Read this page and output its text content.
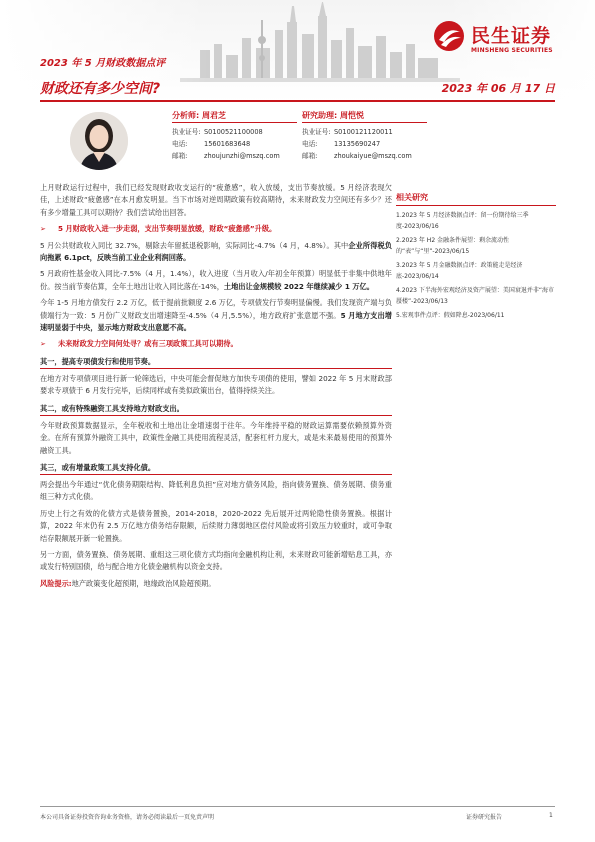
民生证券
MINSHENG SECURITIES
2023 年 5 月财政数据点评
财政还有多少空间?	2023 年 06 月 17 日
分析师: 周君芝
执业证号: S0100521100008
电话:	15601683648
邮箱:	zhoujunzhi@mszq.com
研究助理: 周恺悦
执业证号: S0100121120011
电话:	13135690247
邮箱:	zhoukaiyue@mszq.com

上月财政运行过程中，我们已经发现财政收支运行的“疲惫感”，收入放缓，支出节奏放缓。5 月经济表现欠佳，上述财政“疲惫感”在本月愈发明显。当下市场对逆周期政策有较高期待，未来财政发力空间还有多少？还有多少增量工具可以期待？我们尝试给出回答。

➢	5 月财政收入进一步走弱，支出节奏明显放缓，财政“疲惫感”升级。

5 月公共财政收入同比 32.7%，剔除去年留抵退税影响，实际同比-4.7%（4 月，4.8%）。其中企业所得税负向拖累 6.1pct，反映当前工业企业利润回落。

5 月政府性基金收入同比-7.5%（4 月，1.4%），收入进度（当月收入/年初全年预算）明显低于非集中供地年份。按当前节奏估算，全年土地出让收入同比落在-14%，土地出让金规模较 2022 年继续减少 1 万亿。

今年 1-5 月地方债发行 2.2 万亿，低于提前批额度 2.6 万亿，专项债发行节奏明显偏慢。我们发现资产端与负债端行为一致：5 月份广义财政支出增速降至-4.5%（4 月,5.5%），地方政府扩张意愿不强。5 月地方支出增速明显弱于中央，显示地方财政支出意愿不高。

➢	未来财政发力空间何处寻？或有三项政策工具可以期待。
其一，提高专项债发行和使用节奏。

在地方对专项债项目进行新一轮筛选后，中央可能会督促地方加快专项债的使用，譬如 2022 年 5 月末财政部要求专项债于 6 月发行完毕，后续同样或有类似政策出台，值得持续关注。

其二，或有特殊融资工具支持地方财政支出。

今年财政预算数据显示，全年税收和土地出让金增速弱于往年。今年维持平稳的财政运算需要依赖预算外资金。在所有预算外融资工具中，政策性金融工具使用流程灵活，配套杠杆力度大，或是未来最易使用的预算外融资工具。

其三，或有增量政策工具支持化债。

两会提出今年通过“优化债务期限结构、降低利息负担”应对地方债务风险，指向债务置换、债务展期、债务重组三种方式化债。

历史上行之有效的化债方式是债务置换，2014-2018，2020-2022 先后展开过两轮隐性债务置换。根据计算，2022 年末仍有 2.5 万亿地方债务结存限额，后续财力薄弱地区偿付风险或将引致压力较重时，或可争取结存限额展开新一轮置换。

另一方面，债务置换、债务展期、重组这三项化债方式均指向金融机构让利，未来财政可能新增贴息工具，亦或发行特别国债，给与配合地方化债金融机构以资金支持。

风险提示:地产政策变化超预期，地缘政治风险超预期。

相关研究
1.2023 年 5 月经济数据点评：留一份期待给三季度-2023/06/16
2.2023 年 H2 金融条件展望：剩余流动性的“表”与“里”-2023/06/15
3.2023 年 5 月金融数据点评：政策能走是经济底-2023/06/14
4.2023 下半海外宏观经济及资产展望：美国衰退并非“海市蜃楼”-2023/06/13
5.宏观事件点评：假如降息-2023/06/11
本公司具备证券投资咨询业务资格，请务必阅读最后一页免责声明	证券研究报告	1
